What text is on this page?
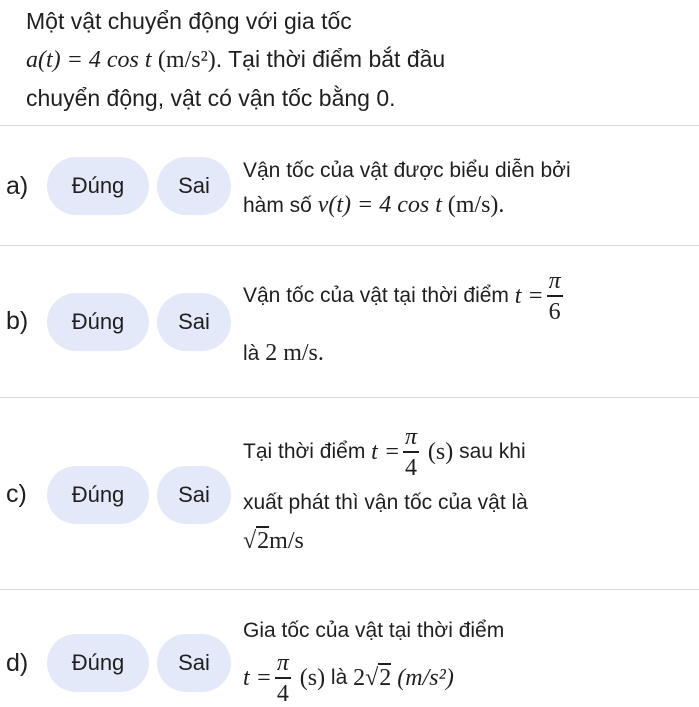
Một vật chuyển động với gia tốc
a(t) = 4 cos t (m/s²). Tại thời điểm bắt đầu
chuyển động, vật có vận tốc bằng 0.
a)	Đúng	Sai
Vận tốc của vật được biểu diễn bởi
hàm số v(t) = 4 cos t (m/s).
b)	Đúng	Sai
Vận tốc của vật tại thời điểm
$t = \frac{\pi}{6}$
là 2 m/s.
c)	Đúng	Sai
Tại thời điểm
$t = \frac{\pi}{4}$
(s)
sau khi
xuất phát thì vận tốc của vật là
√2m/s
d)	Đúng	Sai
Gia tốc của vật tại thời điểm
$t = \frac{\pi}{4}$
(s)
là
2√2 (m/s²)
